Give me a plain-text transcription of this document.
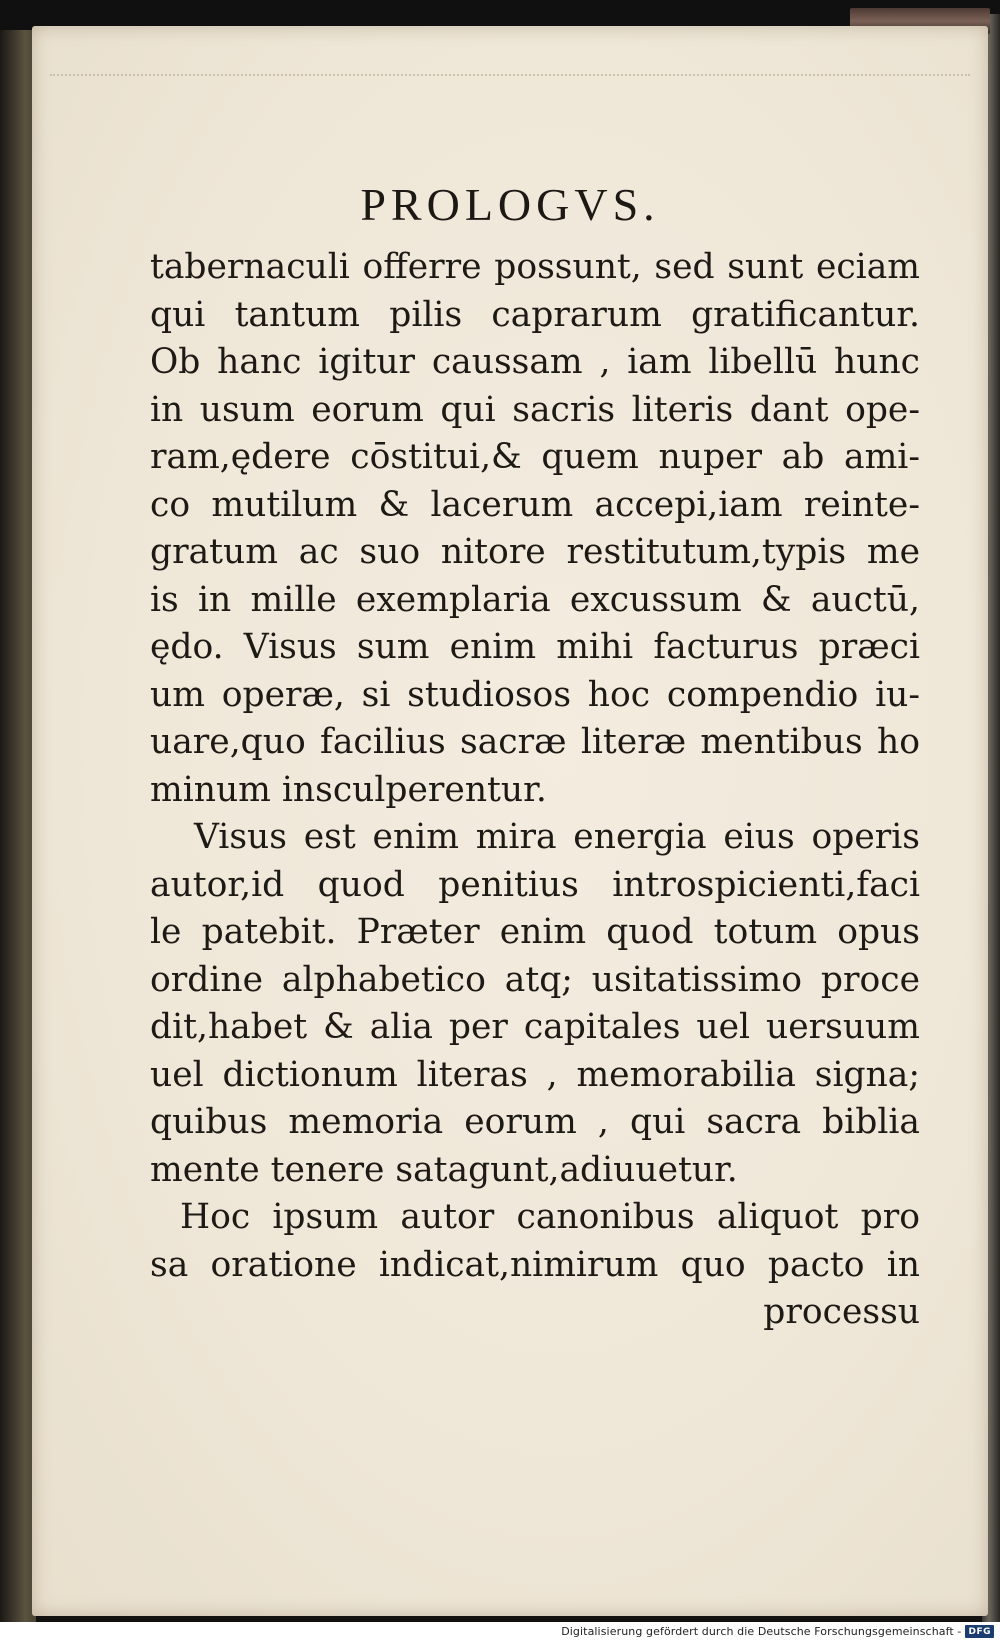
PROLOGVS.
tabernaculi offerre possunt, sed sunt eciam
qui tantum pilis caprarum gratificantur.
Ob hanc igitur caussam , iam libellū hunc
in usum eorum qui sacris literis dant ope-
ram,ędere cōstitui,& quem nuper ab ami-
co mutilum & lacerum accepi,iam reinte-
gratum ac suo nitore restitutum,typis me
is in mille exemplaria excussum & auctū,
ędo. Visus sum enim mihi facturus præci
um operæ, si studiosos hoc compendio iu-
uare,quo facilius sacræ literæ mentibus ho
minum insculperentur.
Visus est enim mira energia eius operis
autor,id quod penitius introspicienti,faci
le patebit. Præter enim quod totum opus
ordine alphabetico atq; usitatissimo proce
dit,habet & alia per capitales uel uersuum
uel dictionum literas , memorabilia signa;
quibus memoria eorum , qui sacra biblia
mente tenere satagunt,adiuuetur.
Hoc ipsum autor canonibus aliquot pro
sa oratione indicat,nimirum quo pacto in
processu
Digitalisierung gefördert durch die Deutsche Forschungsgemeinschaft - DFG
